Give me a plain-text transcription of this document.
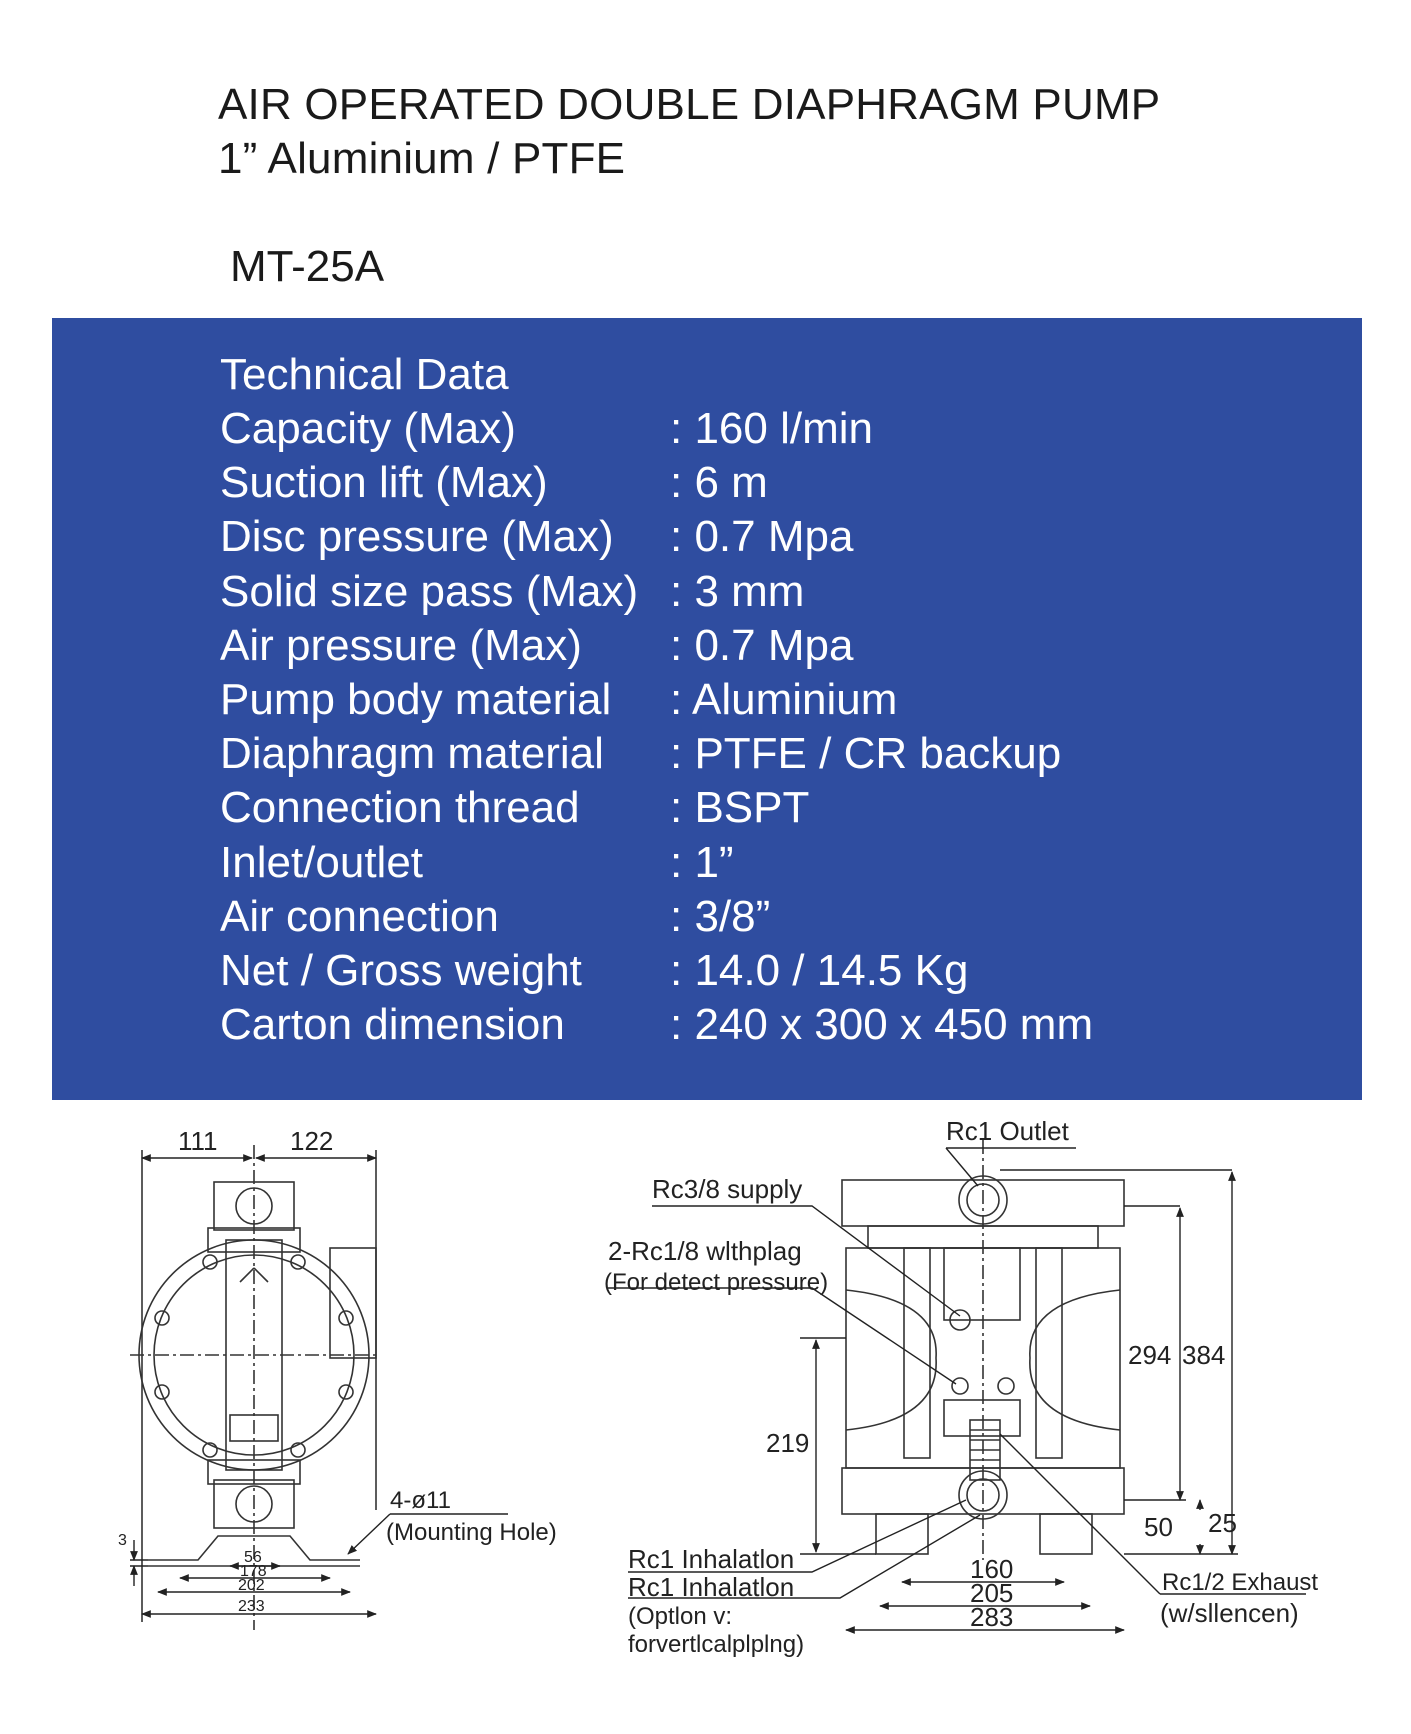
AIR OPERATED DOUBLE DIAPHRAGM PUMP
1” Aluminium / PTFE
MT-25A
Technical Data
Capacity (Max)	: 160 l/min
Suction lift (Max)	: 6 m
Disc pressure (Max) : 0.7 Mpa
Solid size pass (Max) : 3 mm
Air pressure (Max) : 0.7 Mpa
Pump body material : Aluminium
Diaphragm material : PTFE / CR backup
Connection thread : BSPT
Inlet/outlet	: 1”
Air connection	: 3/8”
Net / Gross weight : 14.0 / 14.5 Kg
Carton dimension : 240 x 300 x 450 mm
111	122
3
56
178
202
233
4-ø11
(Mounting Hole)
Rc1 Outlet
Rc3/8 supply
2-Rc1/8 wlthplag
(For detect pressure)
219
294 384
50 25
Rc1 Inhalatlon
Rc1 Inhalatlon
(Optlon v:
forvertlcalplplng)
160
205
283
Rc1/2 Exhaust
(w/sllencen)
